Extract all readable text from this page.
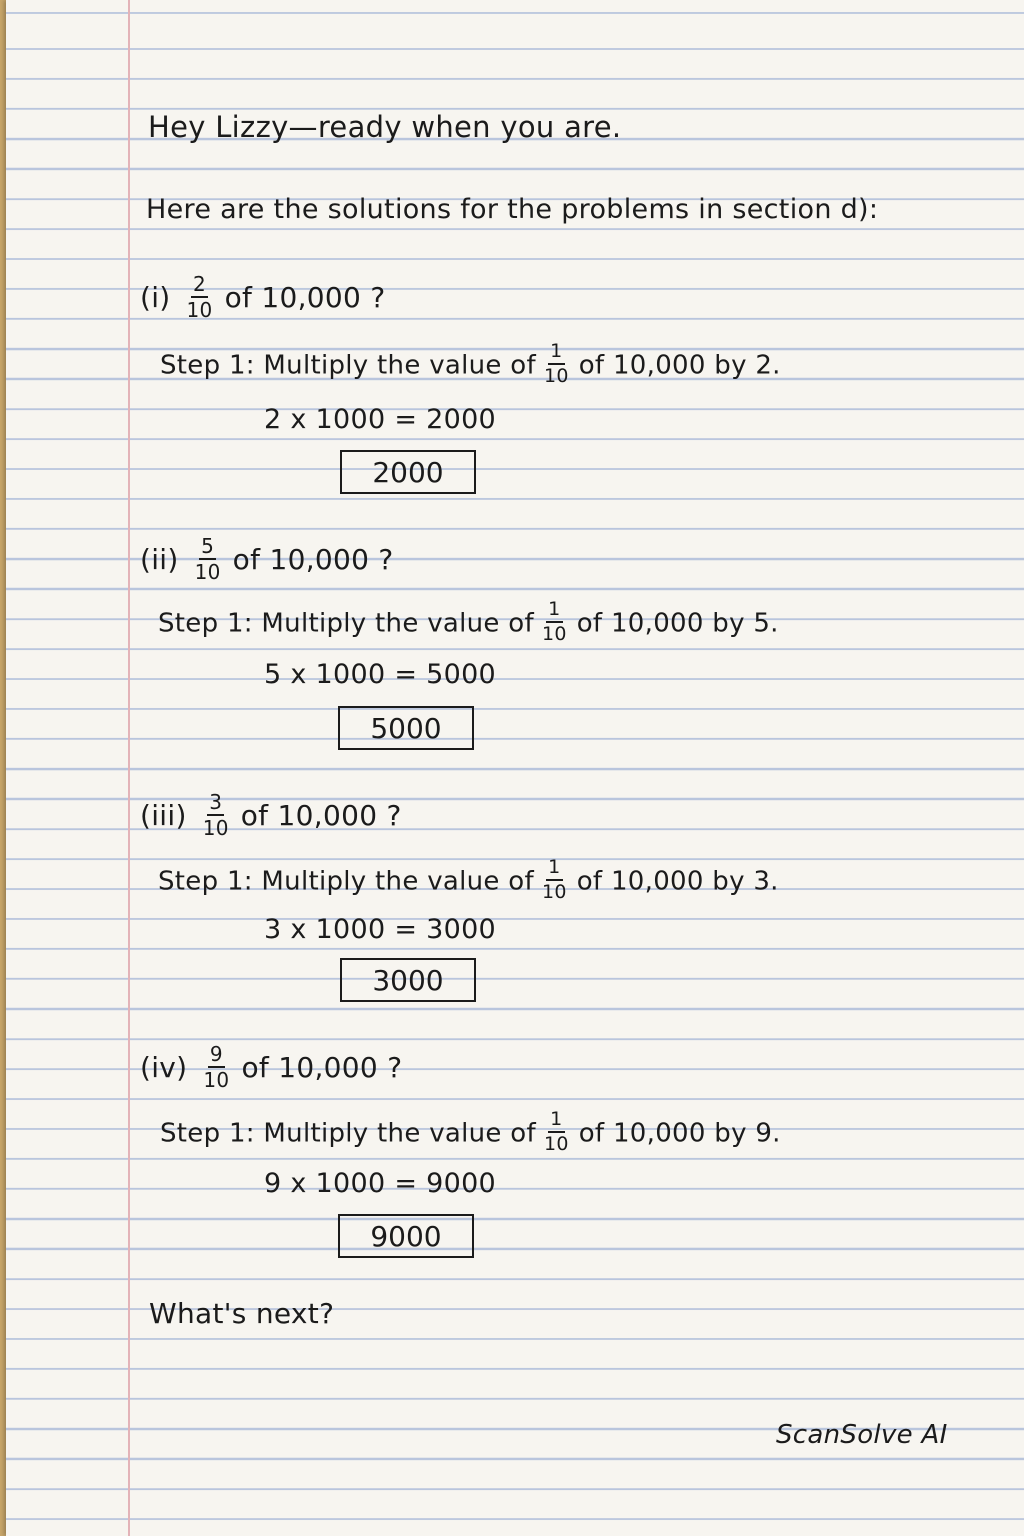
Hey Lizzy—ready when you are.
Here are the solutions for the problems in section d):
$(i) \frac{2}{10}$ of 10,000 ?
Step 1: Multiply the value of $\frac{1}{10}$ of 10,000 by 2.
2 x 1000 = 2000
2000
$(ii) \frac{5}{10}$ of 10,000 ?
Step 1: Multiply the value of $\frac{1}{10}$ of 10,000 by 5.
5 x 1000 = 5000
5000
$(iii) \frac{3}{10}$ of 10,000 ?
Step 1: Multiply the value of $\frac{1}{10}$ of 10,000 by 3.
3 x 1000 = 3000
3000
$(iv) \frac{9}{10}$ of 10,000 ?
Step 1: Multiply the value of $\frac{1}{10}$ of 10,000 by 9.
9 x 1000 = 9000
9000
What's next?
ScanSolve AI
